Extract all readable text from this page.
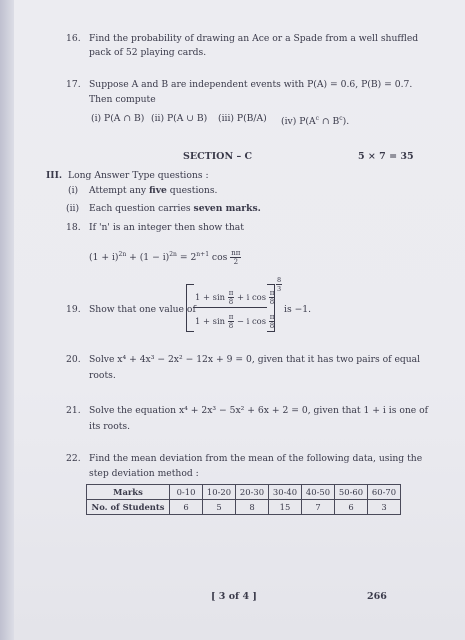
16. Find the probability of drawing an Ace or a Spade from a well shuffled
pack of 52 playing cards.
17. Suppose A and B are independent events with P(A) = 0.6, P(B) = 0.7.
Then compute
(i) P(A ∩ B) (ii) P(A ∪ B) (iii) P(B/A) (iv) $P(A^c$ ∩ $B^c$).
SECTION – C	5 × 7 = 35
III. Long Answer Type questions :
(i) Attempt any five questions.
(ii) Each question carries seven marks.
18. If 'n' is an integer then show that
$(1 + i)^{2n} + (1 - i)^{2n} = 2^{n+1}$ $\cos \frac{n\pi}{2}$
19. Show that one value of
$1 + \sin \frac{\pi}{8} + i$ $\cos \frac{\pi}{8}$
$1 + \sin \frac{\pi}{8} - i$ $\cos \frac{\pi}{8}$
$\frac{8}{3}$
is −1.
20. Solve x⁴ + 4x³ − 2x² − 12x + 9 = 0, given that it has two pairs of equal
roots.
21. Solve the equation x⁴ + 2x³ − 5x² + 6x + 2 = 0, given that 1 + i is one of
its roots.
22. Find the mean deviation from the mean of the following data, using the
step deviation method :
Marks	0-10	10-20	20-30	30-40	40-50	50-60	60-70
No. of Students	6	5	8	15	7	6	3
[ 3 of 4 ]	266
